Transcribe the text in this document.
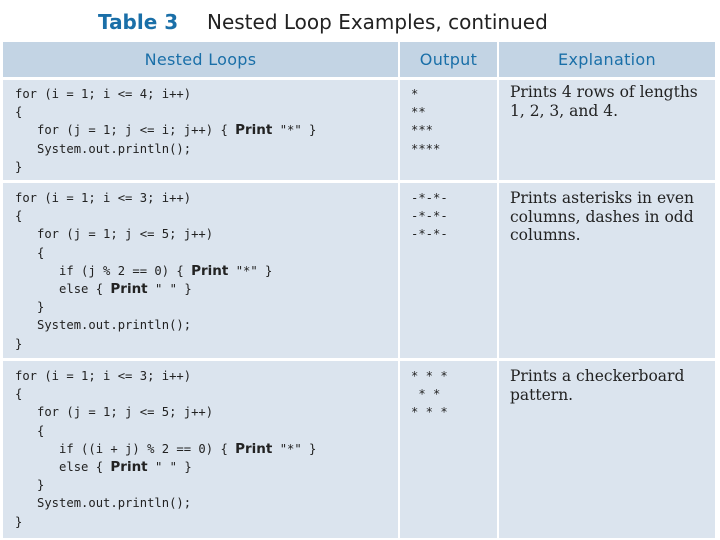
Table 3 Nested Loop Examples, continued
Nested Loops	Output	Explanation
for (i = 1; i <= 4; i++)
{
for (j = 1; j <= i; j++) { Print "*" }
System.out.println();
}
*
**
***
****

Prints 4 rows of lengths 1, 2, 3, and 4.

for (i = 1; i <= 3; i++)
{
for (j = 1; j <= 5; j++)
{
if (j % 2 == 0) { Print "*" }
else { Print " " }
}
System.out.println();
}
-*-*-
-*-*-
-*-*-

Prints asterisks in even columns, dashes in odd columns.

for (i = 1; i <= 3; i++)
{
for (j = 1; j <= 5; j++)
{
if ((i + j) % 2 == 0) { Print "*" }
else { Print " " }
}
System.out.println();
}
* * *
* *
* * *

Prints a checkerboard pattern.
